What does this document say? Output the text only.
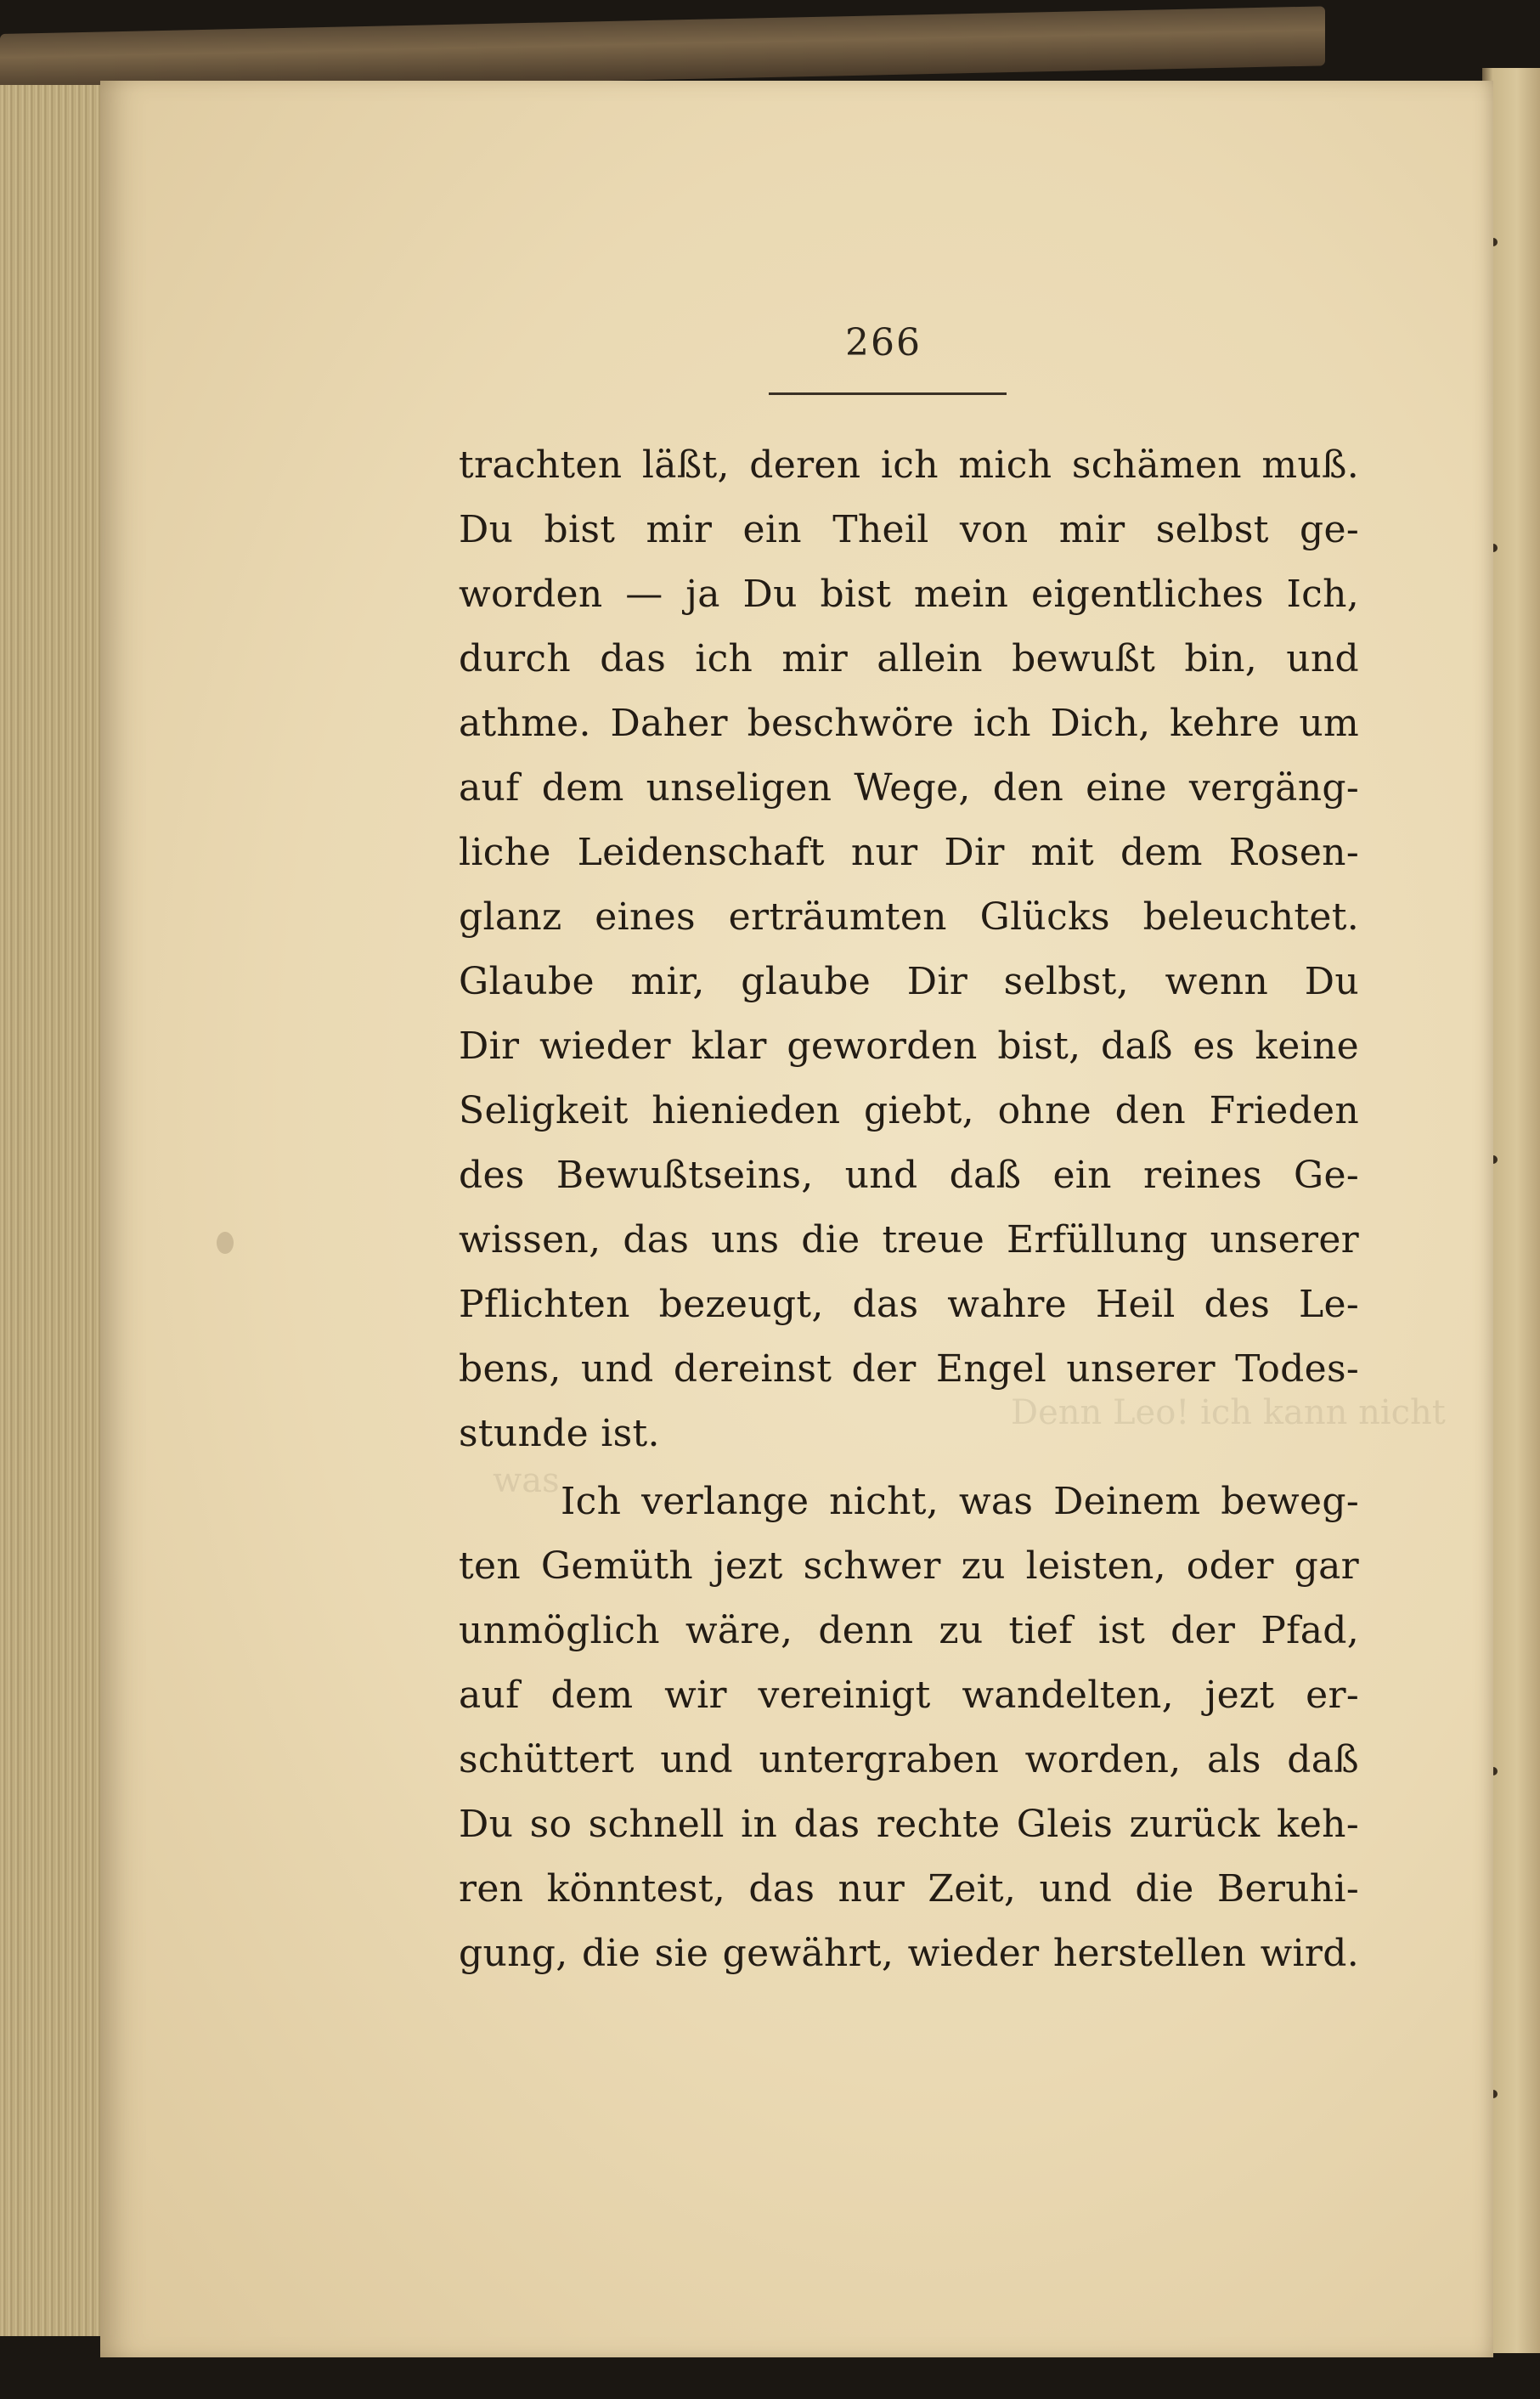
Denn Leo! ich kann nicht
was
266
trachten läßt, deren ich mich schämen muß.
Du bist mir ein Theil von mir selbst ge-
worden — ja Du bist mein eigentliches Ich,
durch das ich mir allein bewußt bin, und
athme. Daher beschwöre ich Dich, kehre um
auf dem unseligen Wege, den eine vergäng-
liche Leidenschaft nur Dir mit dem Rosen-
glanz eines erträumten Glücks beleuchtet.
Glaube mir, glaube Dir selbst, wenn Du
Dir wieder klar geworden bist, daß es keine
Seligkeit hienieden giebt, ohne den Frieden
des Bewußtseins, und daß ein reines Ge-
wissen, das uns die treue Erfüllung unserer
Pflichten bezeugt, das wahre Heil des Le-
bens, und dereinst der Engel unserer Todes-
stunde ist.
Ich verlange nicht, was Deinem beweg-
ten Gemüth jezt schwer zu leisten, oder gar
unmöglich wäre, denn zu tief ist der Pfad,
auf dem wir vereinigt wandelten, jezt er-
schüttert und untergraben worden, als daß
Du so schnell in das rechte Gleis zurück keh-
ren könntest, das nur Zeit, und die Beruhi-
gung, die sie gewährt, wieder herstellen wird.
